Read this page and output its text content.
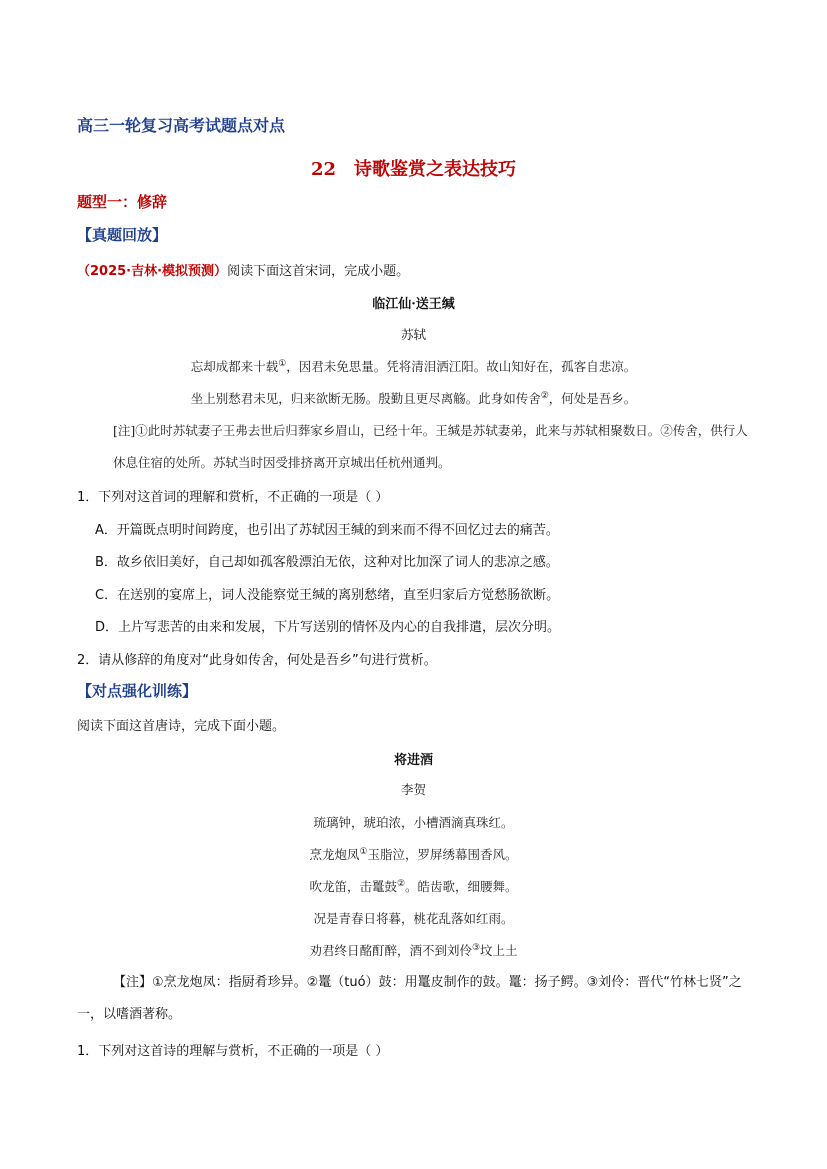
高三一轮复习高考试题点对点
22 诗歌鉴赏之表达技巧
题型一：修辞
【真题回放】
（2025·吉林·模拟预测）阅读下面这首宋词，完成小题。
临江仙·送王缄
苏轼
忘却成都来十载①，因君未免思量。凭将清泪洒江阳。故山知好在，孤客自悲凉。
坐上别愁君未见，归来欲断无肠。殷勤且更尽离觞。此身如传舍②，何处是吾乡。
[注]①此时苏轼妻子王弗去世后归葬家乡眉山，已经十年。王缄是苏轼妻弟，此来与苏轼相聚数日。②传舍，供行人休息住宿的处所。苏轼当时因受排挤离开京城出任杭州通判。
1．下列对这首词的理解和赏析，不正确的一项是（ ）
A．开篇既点明时间跨度，也引出了苏轼因王缄的到来而不得不回忆过去的痛苦。
B．故乡依旧美好，自己却如孤客般漂泊无依，这种对比加深了词人的悲凉之感。
C．在送别的宴席上，词人没能察觉王缄的离别愁绪，直至归家后方觉愁肠欲断。
D．上片写悲苦的由来和发展，下片写送别的情怀及内心的自我排遣，层次分明。
2．请从修辞的角度对“此身如传舍，何处是吾乡”句进行赏析。
【对点强化训练】
阅读下面这首唐诗，完成下面小题。
将进酒
李贺
琉璃钟，琥珀浓，小槽酒滴真珠红。
烹龙炮凤①玉脂泣，罗屏绣幕围香风。
吹龙笛，击鼍鼓②。皓齿歌，细腰舞。
况是青春日将暮，桃花乱落如红雨。
劝君终日酩酊醉，酒不到刘伶③坟上土
【注】①烹龙炮凤：指厨肴珍异。②鼍（tuó）鼓：用鼍皮制作的鼓。鼍：扬子鳄。③刘伶：晋代“竹林七贤”之一，以嗜酒著称。
1．下列对这首诗的理解与赏析，不正确的一项是（ ）
